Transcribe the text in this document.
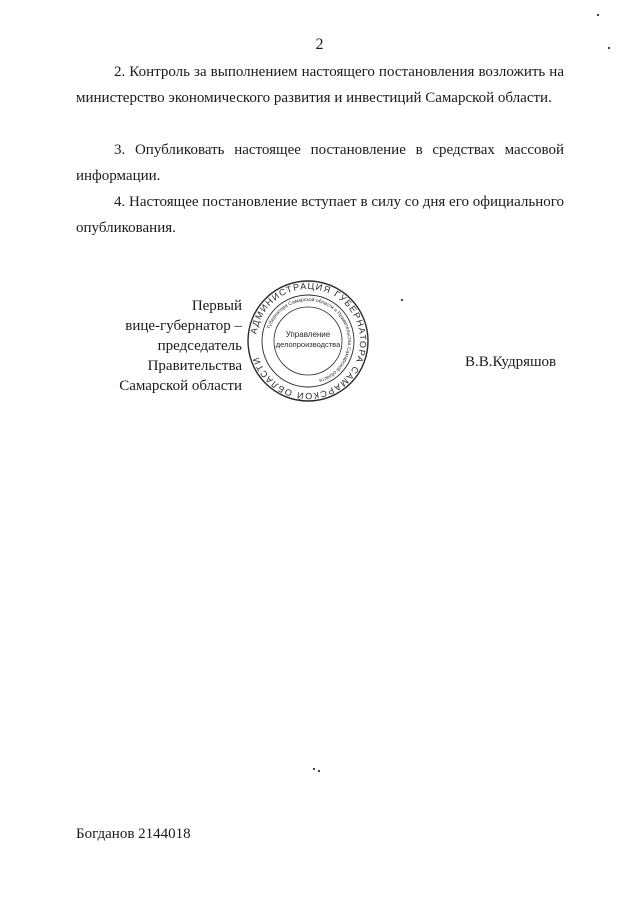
2

2. Контроль за выполнением настоящего постановления возложить на министерство экономического развития и инвестиций Самарской области.

3. Опубликовать настоящее постановление в средствах массовой информации.

4. Настоящее постановление вступает в силу со дня его официального опубликования.

Первый
вице-губернатор –
председатель Правительства
Самарской области
АДМИНИСТРАЦИЯ ГУБЕРНАТОРА САМАРСКОЙ ОБЛАСТИ
Губернатора Самарской области и Правительства Самарской области
Управление
делопроизводства
В.В.Кудряшов
Богданов 2144018
